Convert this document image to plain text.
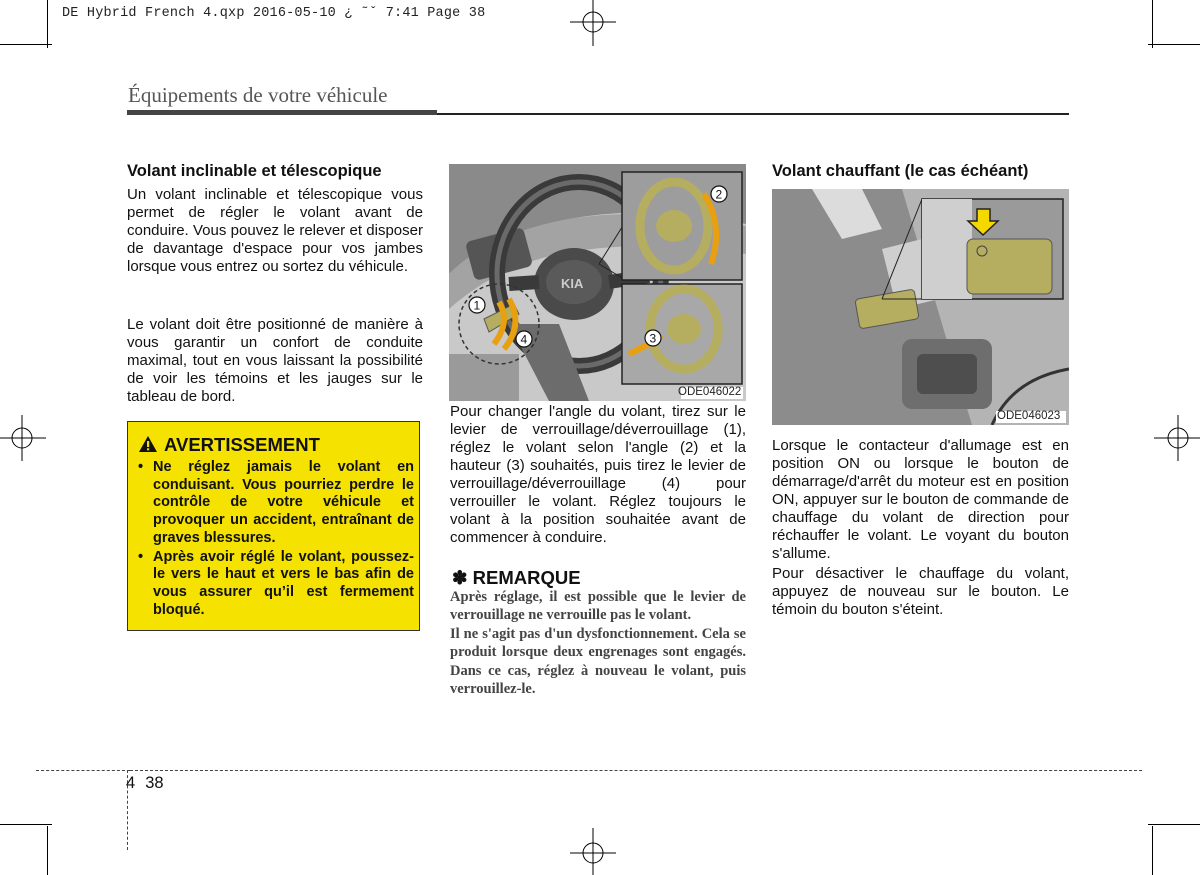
DE Hybrid French 4.qxp 2016-05-10 ¿ ˜ˇ 7:41 Page 38
Équipements de votre véhicule
Volant inclinable et télescopique

Un volant inclinable et télescopique vous permet de régler le volant avant de conduire. Vous pouvez le relever et disposer de davantage d'espace pour vos jambes lorsque vous entrez ou sortez du véhicule.

Le volant doit être positionné de manière à vous garantir un confort de conduite maximal, tout en vous laissant la possibilité de voir les témoins et les jauges sur le tableau de bord.

AVERTISSEMENT
• Ne réglez jamais le volant en conduisant. Vous pourriez perdre le contrôle de votre véhicule et provoquer un accident, entraînant de graves blessures.
• Après avoir réglé le volant, poussez-le vers le haut et vers le bas afin de vous assurer qu’il est fermement bloqué.
KIA
1
4
2
3
ODE046022

Pour changer l'angle du volant, tirez sur le levier de verrouillage/déverrouillage (1), réglez le volant selon l'angle (2) et la hauteur (3) souhaités, puis tirez le levier de verrouillage/déverrouillage (4) pour verrouiller le volant. Réglez toujours le volant à la position souhaitée avant de commencer à conduire.

✽ REMARQUE

Après réglage, il est possible que le levier de verrouillage ne verrouille pas le volant.

Il ne s'agit pas d'un dysfonctionnement. Cela se produit lorsque deux engrenages sont engagés. Dans ce cas, réglez à nouveau le volant, puis verrouillez-le.

Volant chauffant (le cas échéant)
ODE046023

Lorsque le contacteur d'allumage est en position ON ou lorsque le bouton de démarrage/d'arrêt du moteur est en position ON, appuyer sur le bouton de commande de chauffage du volant de direction pour réchauffer le volant. Le voyant du bouton s'allume.

Pour désactiver le chauffage du volant, appuyez de nouveau sur le bouton. Le témoin du bouton s'éteint.

4 38
